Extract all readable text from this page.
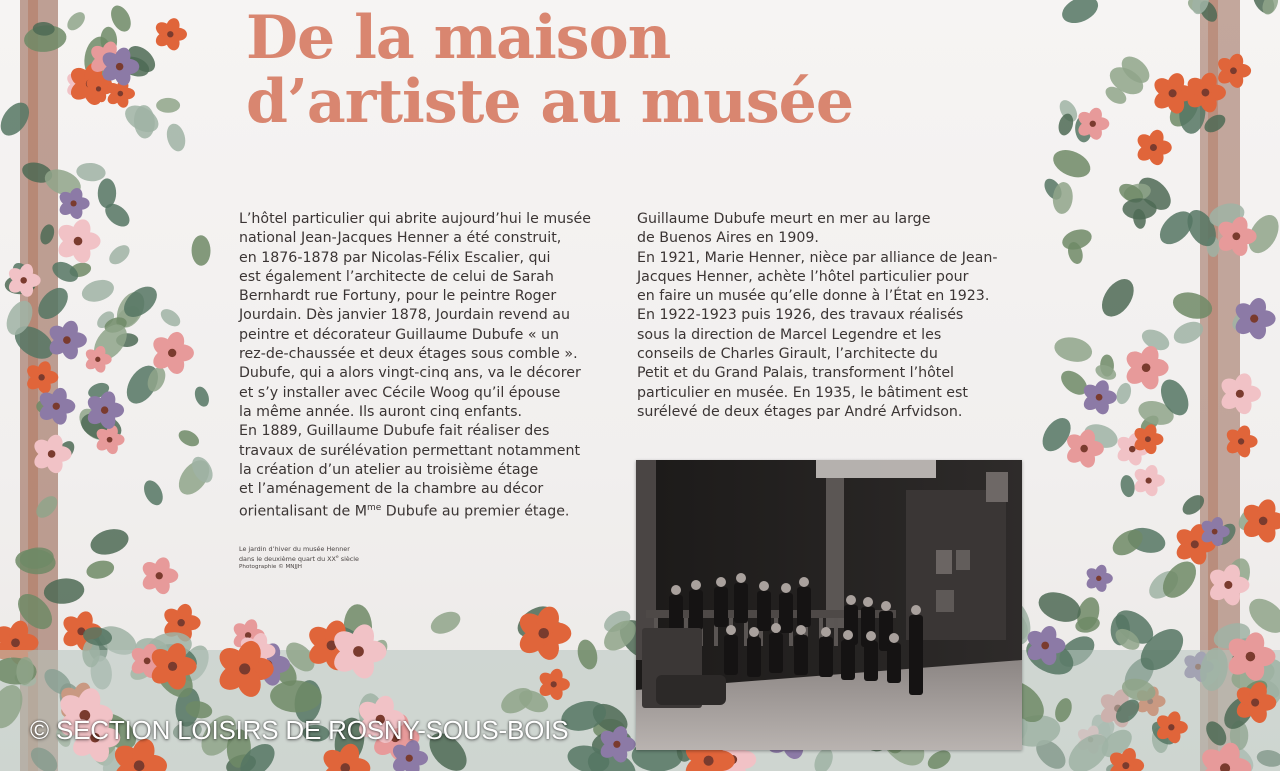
De la maison
d’artiste au musée
L’hôtel particulier qui abrite aujourd’hui le musée
national Jean-Jacques Henner a été construit,
en 1876-1878 par Nicolas-Félix Escalier, qui
est également l’architecte de celui de Sarah
Bernhardt rue Fortuny, pour le peintre Roger
Jourdain. Dès janvier 1878, Jourdain revend au
peintre et décorateur Guillaume Dubufe « un
rez-de-chaussée et deux étages sous comble ».
Dubufe, qui a alors vingt-cinq ans, va le décorer
et s’y installer avec Cécile Woog qu’il épouse
la même année. Ils auront cinq enfants.
En 1889, Guillaume Dubufe fait réaliser des
travaux de surélévation permettant notamment
la création d’un atelier au troisième étage
et l’aménagement de la chambre au décor
orientalisant de $M^{me}$ Dubufe au premier étage.
Guillaume Dubufe meurt en mer au large
de Buenos Aires en 1909.
En 1921, Marie Henner, nièce par alliance de Jean-
Jacques Henner, achète l’hôtel particulier pour
en faire un musée qu’elle donne à l’État en 1923.
En 1922-1923 puis 1926, des travaux réalisés
sous la direction de Marcel Legendre et les
conseils de Charles Girault, l’architecte du
Petit et du Grand Palais, transforment l’hôtel
particulier en musée. En 1935, le bâtiment est
surélevé de deux étages par André Arfvidson.
Le jardin d’hiver du musée Henner
dans le deuxième quart du XXe siècle
Photographie © MNJJH
© SECTION LOISIRS DE ROSNY-SOUS-BOIS
